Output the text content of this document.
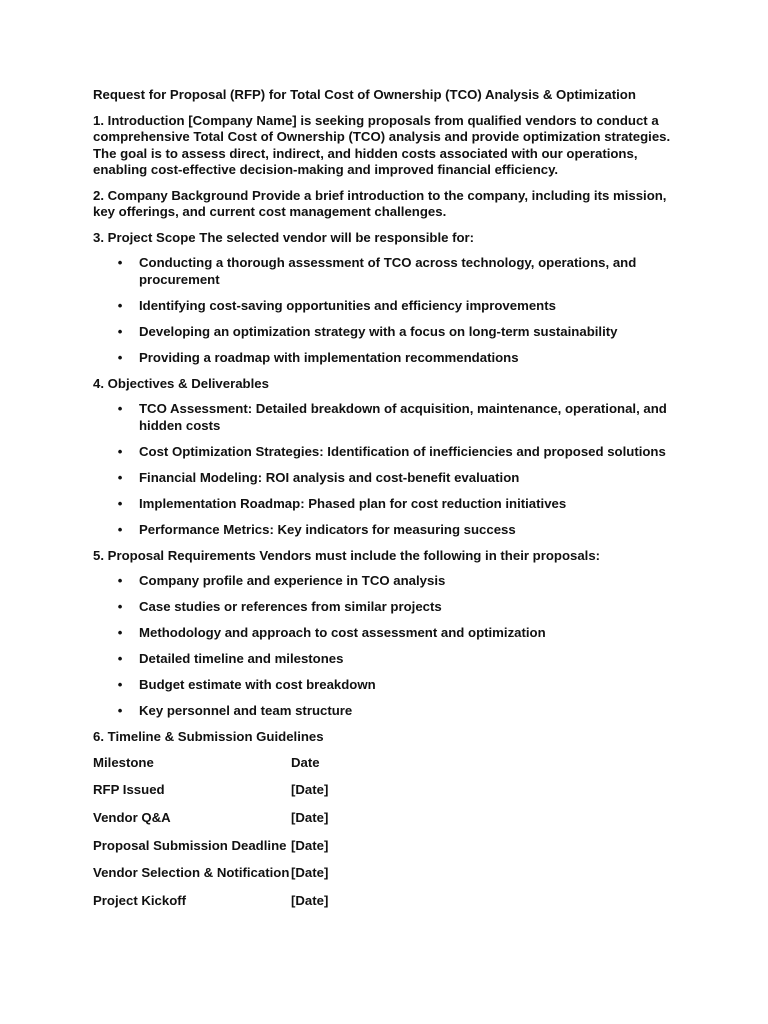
Request for Proposal (RFP) for Total Cost of Ownership (TCO) Analysis & Optimization
1. Introduction [Company Name] is seeking proposals from qualified vendors to conduct a comprehensive Total Cost of Ownership (TCO) analysis and provide optimization strategies. The goal is to assess direct, indirect, and hidden costs associated with our operations, enabling cost-effective decision-making and improved financial efficiency.
2. Company Background Provide a brief introduction to the company, including its mission, key offerings, and current cost management challenges.
3. Project Scope The selected vendor will be responsible for:
• Conducting a thorough assessment of TCO across technology, operations, and procurement
• Identifying cost-saving opportunities and efficiency improvements
• Developing an optimization strategy with a focus on long-term sustainability
• Providing a roadmap with implementation recommendations
4. Objectives & Deliverables
• TCO Assessment: Detailed breakdown of acquisition, maintenance, operational, and hidden costs
• Cost Optimization Strategies: Identification of inefficiencies and proposed solutions
• Financial Modeling: ROI analysis and cost-benefit evaluation
• Implementation Roadmap: Phased plan for cost reduction initiatives
• Performance Metrics: Key indicators for measuring success
5. Proposal Requirements Vendors must include the following in their proposals:
• Company profile and experience in TCO analysis
• Case studies or references from similar projects
• Methodology and approach to cost assessment and optimization
• Detailed timeline and milestones
• Budget estimate with cost breakdown
• Key personnel and team structure
6. Timeline & Submission Guidelines
Milestone	Date
RFP Issued	[Date]
Vendor Q&A	[Date]
Proposal Submission Deadline [Date]
Vendor Selection & Notification [Date]
Project Kickoff	[Date]
